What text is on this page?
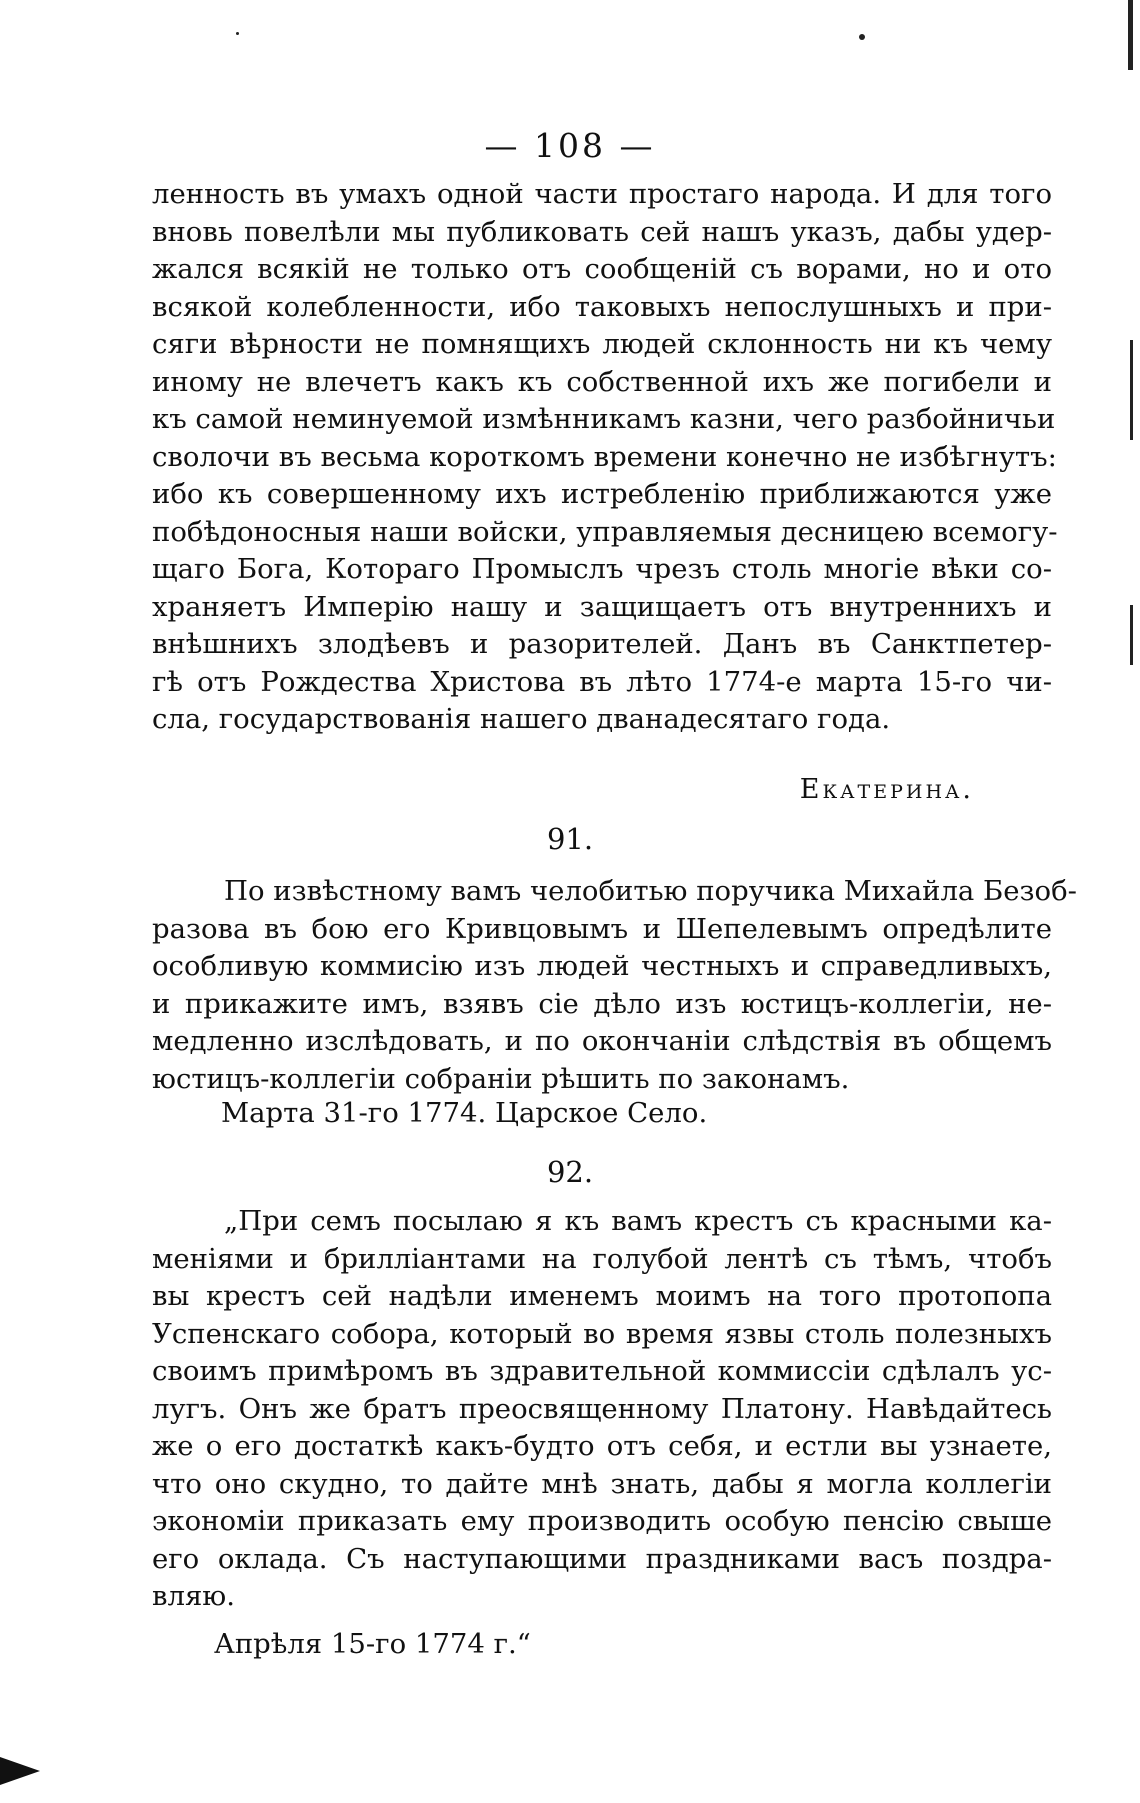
— 108 —
ленность въ умахъ одной части простаго народа. И для того
вновь повелѣли мы публиковать сей нашъ указъ, дабы удер-
жался всякій не только отъ сообщеній съ ворами, но и ото
всякой колебленности, ибо таковыхъ непослушныхъ и при-
сяги вѣрности не помнящихъ людей склонность ни къ чему
иному не влечетъ какъ къ собственной ихъ же погибели и
къ самой неминуемой измѣнникамъ казни, чего разбойничьи
сволочи въ весьма короткомъ времени конечно не избѣгнутъ:
ибо къ совершенному ихъ истребленію приближаются уже
побѣдоносныя наши войски, управляемыя десницею всемогу-
щаго Бога, Котораго Промыслъ чрезъ столь многіе вѣки со-
храняетъ Имперію нашу и защищаетъ отъ внутреннихъ и
внѣшнихъ злодѣевъ и разорителей. Данъ въ Санктпетер-
гѣ отъ Рождества Христова въ лѣто 1774-е марта 15-го чи-
сла, государствованія нашего дванадесятаго года.
Екатерина.
91.
По извѣстному вамъ челобитью поручика Михайла Безоб-
разова въ бою его Кривцовымъ и Шепелевымъ опредѣлите
особливую коммисію изъ людей честныхъ и справедливыхъ,
и прикажите имъ, взявъ сіе дѣло изъ юстицъ-коллегіи, не-
медленно изслѣдовать, и по окончаніи слѣдствія въ общемъ
юстицъ-коллегіи собраніи рѣшить по законамъ.
Марта 31-го 1774. Царское Село.
92.
„При семъ посылаю я къ вамъ крестъ съ красными ка-
меніями и брилліантами на голубой лентѣ съ тѣмъ, чтобъ
вы крестъ сей надѣли именемъ моимъ на того протопопа
Успенскаго собора, который во время язвы столь полезныхъ
своимъ примѣромъ въ здравительной коммиссіи сдѣлалъ ус-
лугъ. Онъ же братъ преосвященному Платону. Навѣдайтесь
же о его достаткѣ какъ-будто отъ себя, и естли вы узнаете,
что оно скудно, то дайте мнѣ знать, дабы я могла коллегіи
экономіи приказать ему производить особую пенсію свыше
его оклада. Съ наступающими праздниками васъ поздра-
вляю.
Апрѣля 15-го 1774 г.“
